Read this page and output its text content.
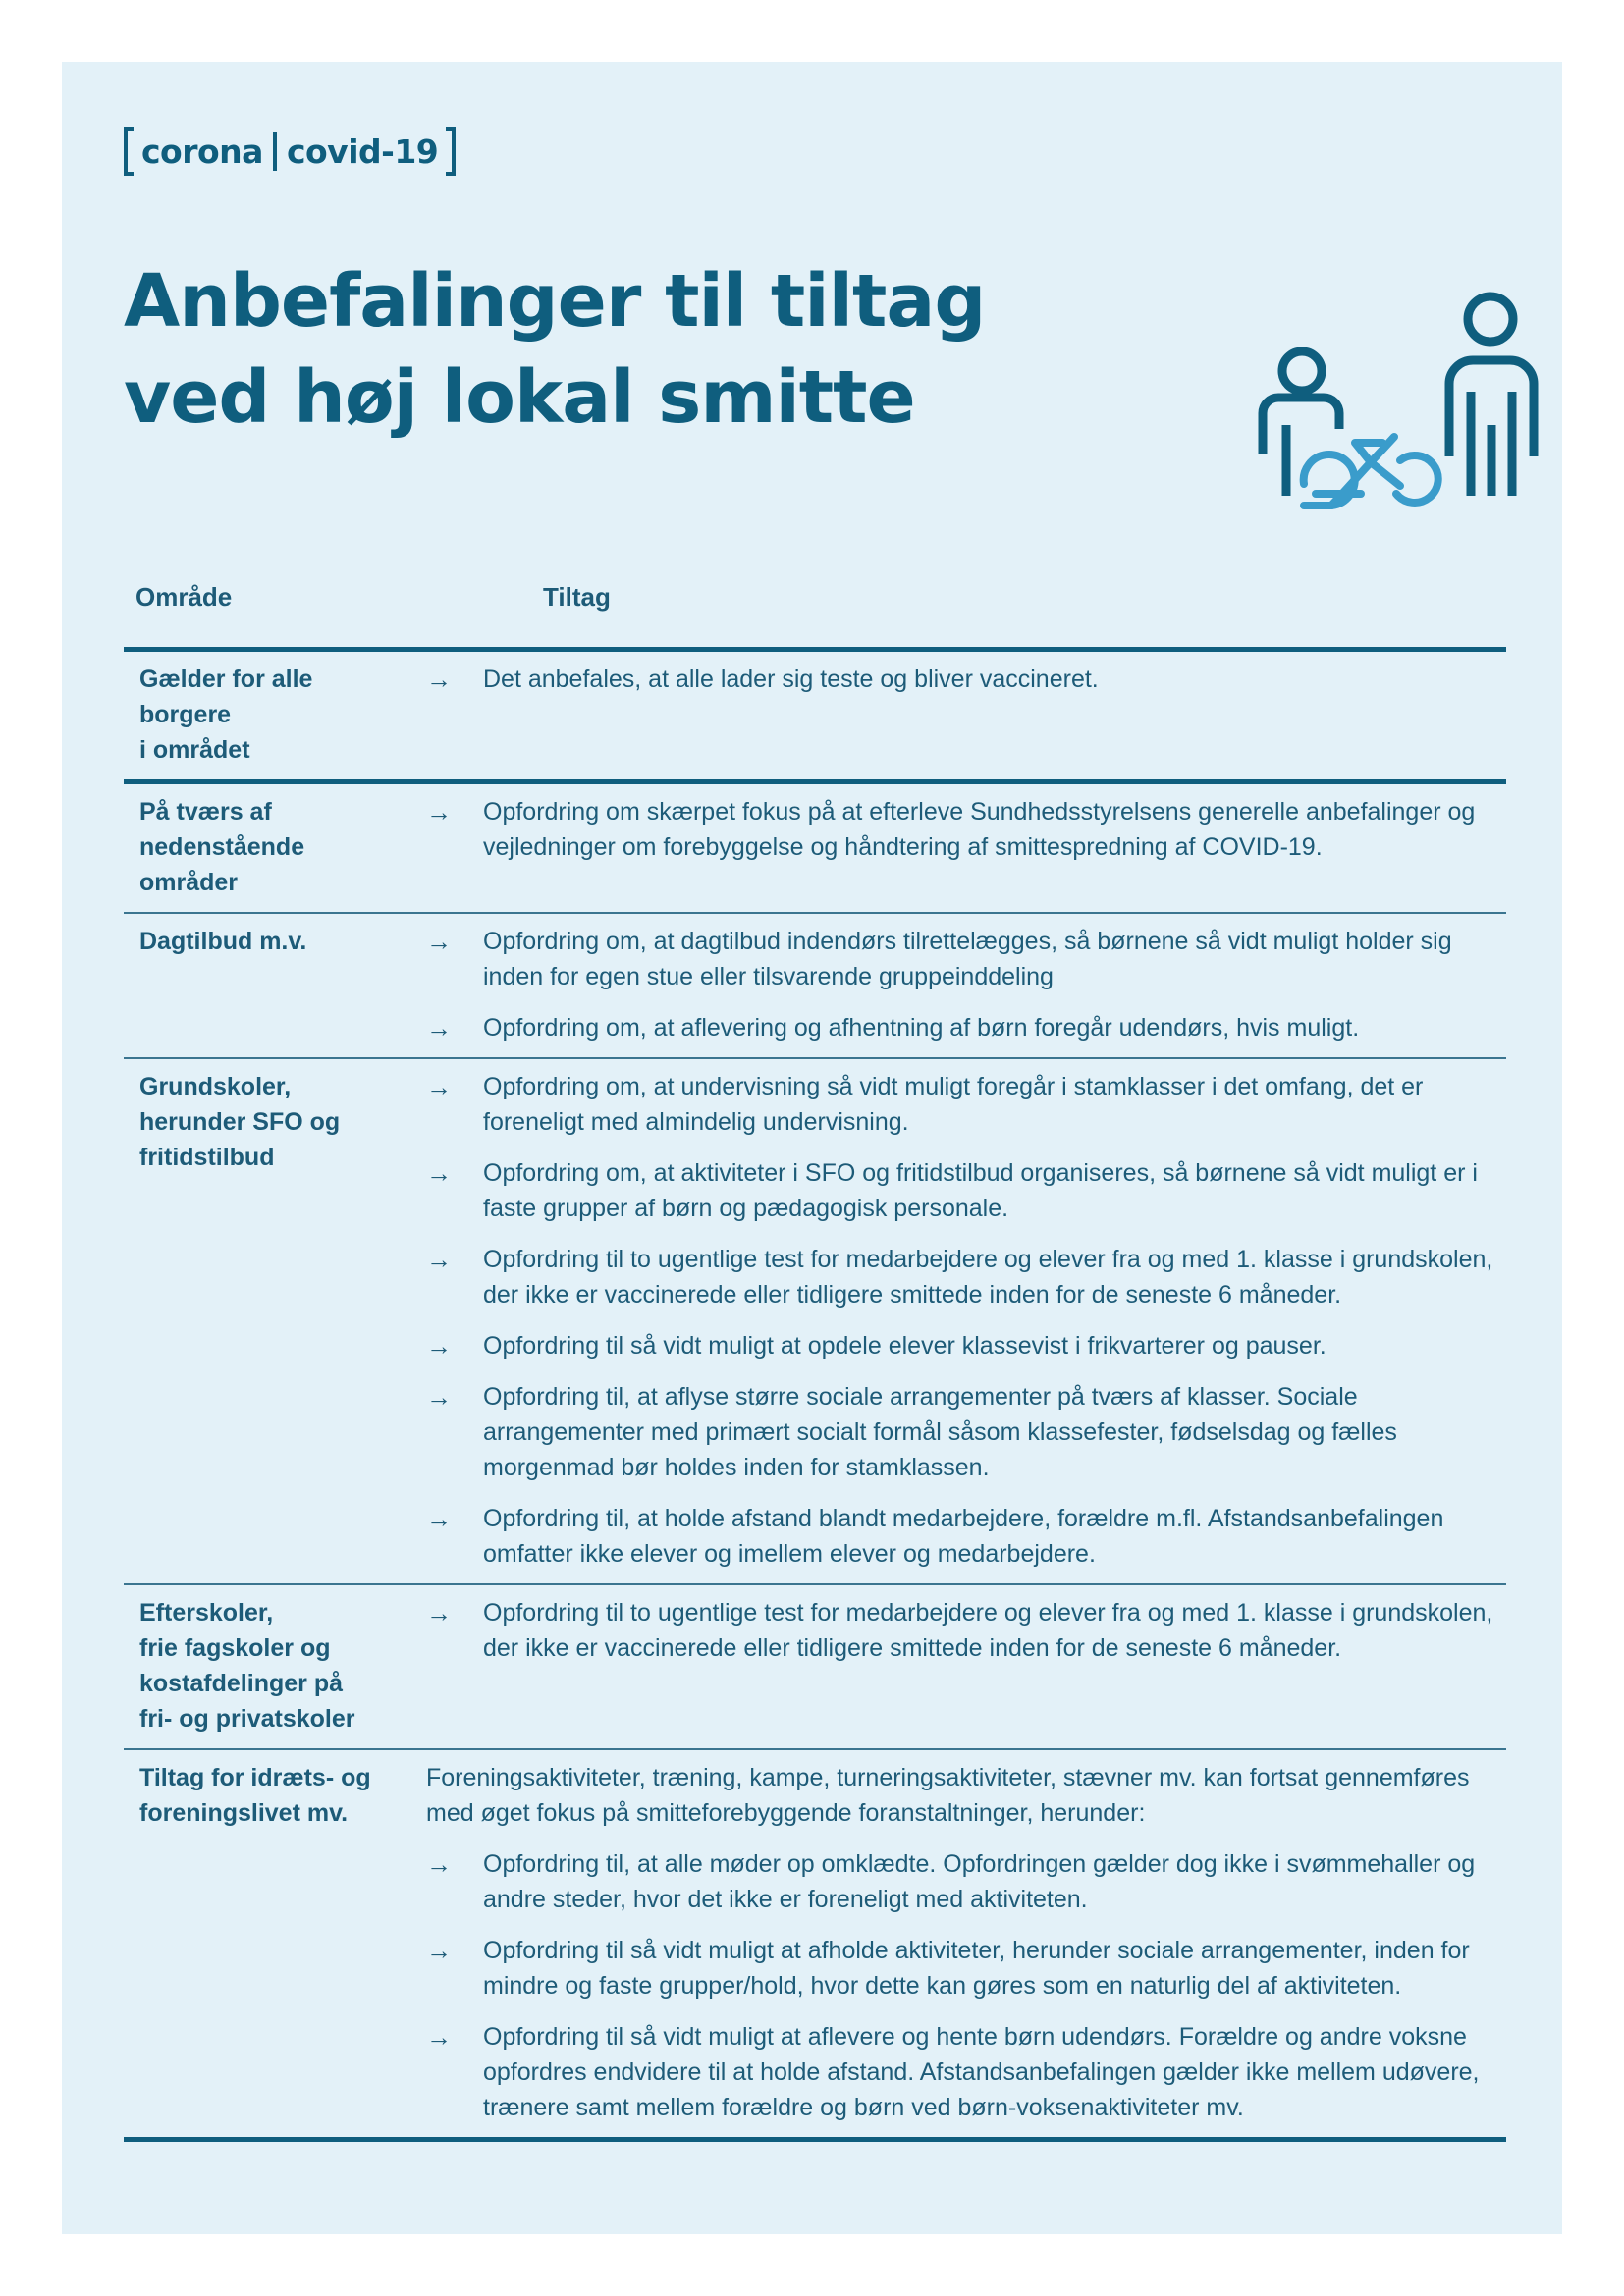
corona covid-19
Anbefalinger til tiltag
ved høj lokal smitte
Område	Tiltag
Gælder for alle
borgere
i området
→	Det anbefales, at alle lader sig teste og bliver vaccineret.
På tværs af
nedenstående
områder
→	Opfordring om skærpet fokus på at efterleve Sundhedsstyrelsens generelle anbefalinger og vejledninger om forebyggelse og håndtering af smittespredning af COVID-19.
Dagtilbud m.v.	→	Opfordring om, at dagtilbud indendørs tilrettelægges, så børnene så vidt muligt holder sig inden for egen stue eller tilsvarende gruppeinddeling
→	Opfordring om, at aflevering og afhentning af børn foregår udendørs, hvis muligt.
Grundskoler,
herunder SFO og
fritidstilbud
→	Opfordring om, at undervisning så vidt muligt foregår i stamklasser i det omfang, det er foreneligt med almindelig undervisning.
→	Opfordring om, at aktiviteter i SFO og fritidstilbud organiseres, så børnene så vidt muligt er i faste grupper af børn og pædagogisk personale.
→	Opfordring til to ugentlige test for medarbejdere og elever fra og med 1. klasse i grundskolen, der ikke er vaccinerede eller tidligere smittede inden for de seneste 6 måneder.
→	Opfordring til så vidt muligt at opdele elever klassevist i frikvarterer og pauser.
→	Opfordring til, at aflyse større sociale arrangementer på tværs af klasser. Sociale arrangementer med primært socialt formål såsom klassefester, fødselsdag og fælles morgenmad bør holdes inden for stamklassen.
→	Opfordring til, at holde afstand blandt medarbejdere, forældre m.fl. Afstandsanbefalingen omfatter ikke elever og imellem elever og medarbejdere.
Efterskoler,
frie fagskoler og
kostafdelinger på
fri- og privatskoler
→	Opfordring til to ugentlige test for medarbejdere og elever fra og med 1. klasse i grundskolen, der ikke er vaccinerede eller tidligere smittede inden for de seneste 6 måneder.
Tiltag for idræts- og
foreningslivet mv.
Foreningsaktiviteter, træning, kampe, turneringsaktiviteter, stævner mv. kan fortsat gennemføres med øget fokus på smitteforebyggende foranstaltninger, herunder:
→	Opfordring til, at alle møder op omklædte. Opfordringen gælder dog ikke i svømmehaller og andre steder, hvor det ikke er foreneligt med aktiviteten.
→	Opfordring til så vidt muligt at afholde aktiviteter, herunder sociale arrangementer, inden for mindre og faste grupper/hold, hvor dette kan gøres som en naturlig del af aktiviteten.
→	Opfordring til så vidt muligt at aflevere og hente børn udendørs. Forældre og andre voksne opfordres endvidere til at holde afstand. Afstandsanbefalingen gælder ikke mellem udøvere, trænere samt mellem forældre og børn ved børn-voksenaktiviteter mv.
